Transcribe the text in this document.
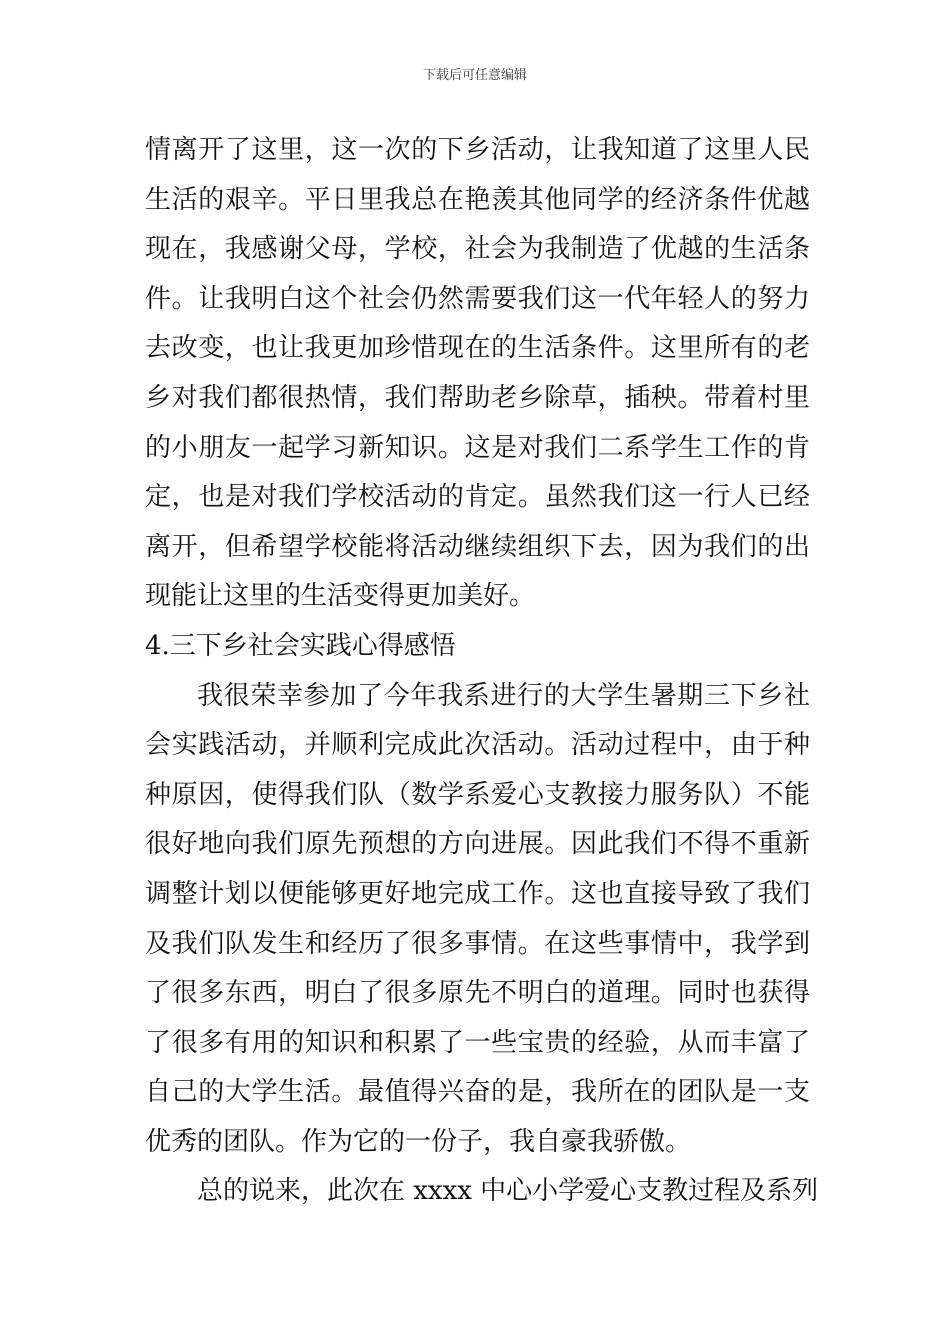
下载后可任意编辑
情离开了这里，这一次的下乡活动，让我知道了这里人民
生活的艰辛。平日里我总在艳羡其他同学的经济条件优越
现在，我感谢父母，学校，社会为我制造了优越的生活条
件。让我明白这个社会仍然需要我们这一代年轻人的努力
去改变，也让我更加珍惜现在的生活条件。这里所有的老
乡对我们都很热情，我们帮助老乡除草，插秧。带着村里
的小朋友一起学习新知识。这是对我们二系学生工作的肯
定，也是对我们学校活动的肯定。虽然我们这一行人已经
离开，但希望学校能将活动继续组织下去，因为我们的出
现能让这里的生活变得更加美好。
4.三下乡社会实践心得感悟
我很荣幸参加了今年我系进行的大学生暑期三下乡社
会实践活动，并顺利完成此次活动。活动过程中，由于种
种原因，使得我们队（数学系爱心支教接力服务队）不能
很好地向我们原先预想的方向进展。因此我们不得不重新
调整计划以便能够更好地完成工作。这也直接导致了我们
及我们队发生和经历了很多事情。在这些事情中，我学到
了很多东西，明白了很多原先不明白的道理。同时也获得
了很多有用的知识和积累了一些宝贵的经验，从而丰富了
自己的大学生活。最值得兴奋的是，我所在的团队是一支
优秀的团队。作为它的一份子，我自豪我骄傲。
总的说来，此次在 xxxx 中心小学爱心支教过程及系列
